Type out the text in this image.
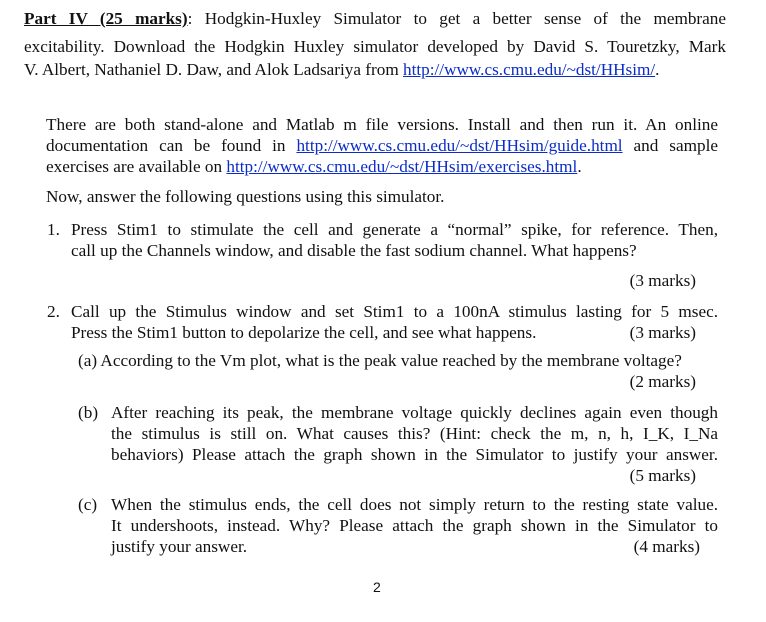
Part IV (25 marks): Hodgkin-Huxley Simulator to get a better sense of the membrane
excitability. Download the Hodgkin Huxley simulator developed by David S. Touretzky, Mark
V. Albert, Nathaniel D. Daw, and Alok Ladsariya from http://www.cs.cmu.edu/~dst/HHsim/.
There are both stand-alone and Matlab m file versions. Install and then run it. An online
documentation can be found in http://www.cs.cmu.edu/~dst/HHsim/guide.html and sample
exercises are available on http://www.cs.cmu.edu/~dst/HHsim/exercises.html.
Now, answer the following questions using this simulator.
1. Press Stim1 to stimulate the cell and generate a “normal” spike, for reference. Then,
call up the Channels window, and disable the fast sodium channel. What happens?
(3 marks)
2. Call up the Stimulus window and set Stim1 to a 100nA stimulus lasting for 5 msec.
Press the Stim1 button to depolarize the cell, and see what happens.	(3 marks)
(a) According to the Vm plot, what is the peak value reached by the membrane voltage?
(2 marks)
(b) After reaching its peak, the membrane voltage quickly declines again even though
the stimulus is still on. What causes this? (Hint: check the m, n, h, I_K, I_Na
behaviors) Please attach the graph shown in the Simulator to justify your answer.
(5 marks)
(c) When the stimulus ends, the cell does not simply return to the resting state value.
It undershoots, instead. Why? Please attach the graph shown in the Simulator to
justify your answer.	(4 marks)
2
